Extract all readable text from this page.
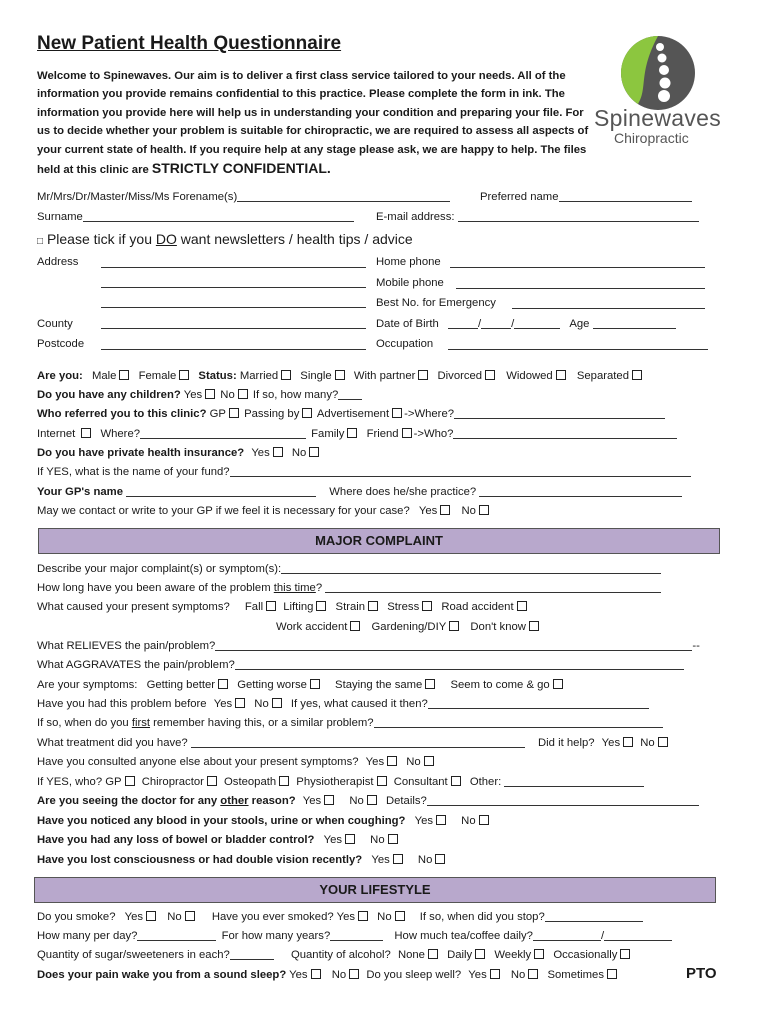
New Patient Health Questionnaire
Welcome to Spinewaves. Our aim is to deliver a first class service tailored to your needs. All of the information you provide remains confidential to this practice. Please complete the form in ink. The information you provide here will help us in understanding your condition and preparing your file. For us to decide whether your problem is suitable for chiropractic, we are required to assess all aspects of your current state of health. If you require help at any stage please ask, we are happy to help. The files held at this clinic are STRICTLY CONFIDENTIAL.
Spinewaves
Chiropractic
Mr/Mrs/Dr/Master/Miss/Ms Forename(s)	Preferred name
Surname	E-mail address:
□ Please tick if you DO want newsletters / health tips / advice
Address	Home phone
Mobile phone
Best No. for Emergency
County	Date of Birth	/	/	Age
Postcode	Occupation
Are you: Male Female Status: Married Single With partner Divorced Widowed Separated
Do you have any children? Yes No If so, how many?
Who referred you to this clinic? GP Passing by Advertisement ->Where?
Internet Where?	Family Friend ->Who?
Do you have private health insurance? Yes No
If YES, what is the name of your fund?
Your GP's name	Where does he/she practice?
May we contact or write to your GP if we feel it is necessary for your case? Yes No
MAJOR COMPLAINT
Describe your major complaint(s) or symptom(s):
How long have you been aware of the problem this time?
What caused your present symptoms? Fall Lifting Strain Stress Road accident
Work accident Gardening/DIY Don't know
What RELIEVES the pain/problem?	--
What AGGRAVATES the pain/problem?
Are your symptoms: Getting better Getting worse Staying the same Seem to come & go
Have you had this problem before Yes No If yes, what caused it then?
If so, when do you first remember having this, or a similar problem?
What treatment did you have?	Did it help? Yes No
Have you consulted anyone else about your present symptoms? Yes No
If YES, who? GP Chiropractor Osteopath Physiotherapist Consultant Other:
Are you seeing the doctor for any other reason? Yes No Details?
Have you noticed any blood in your stools, urine or when coughing? Yes No
Have you had any loss of bowel or bladder control? Yes No
Have you lost consciousness or had double vision recently? Yes No
YOUR LIFESTYLE
Do you smoke? Yes No	Have you ever smoked? Yes No If so, when did you stop?
How many per day?	For how many years?	How much tea/coffee daily?	/
Quantity of sugar/sweeteners in each?	Quantity of alcohol? None Daily Weekly Occasionally
Does your pain wake you from a sound sleep? Yes No Do you sleep well? Yes No Sometimes	PTO
